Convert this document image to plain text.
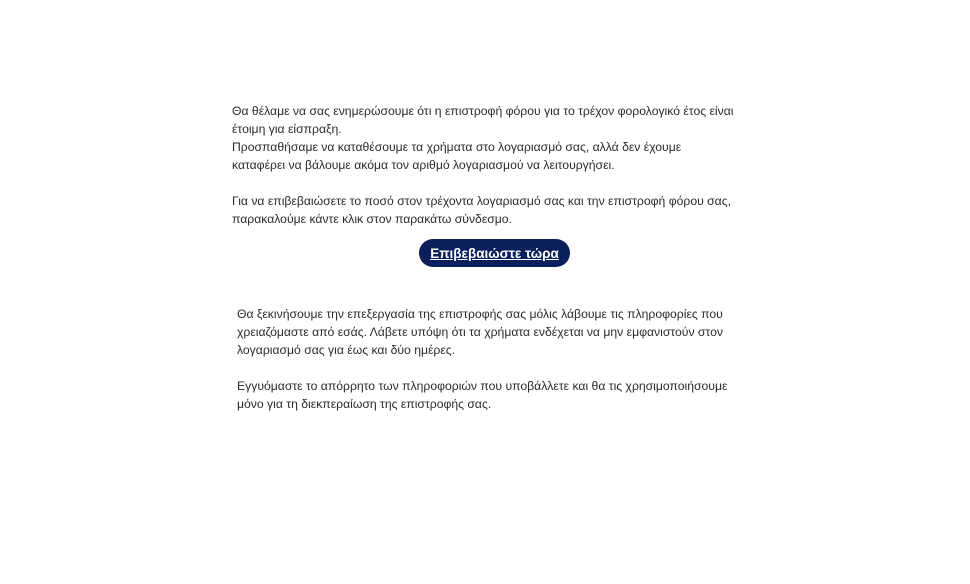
Θα θέλαμε να σας ενημερώσουμε ότι η επιστροφή φόρου για το τρέχον φορολογικό έτος είναι

έτοιμη για είσπραξη.

Προσπαθήσαμε να καταθέσουμε τα χρήματα στο λογαριασμό σας, αλλά δεν έχουμε

καταφέρει να βάλουμε ακόμα τον αριθμό λογαριασμού να λειτουργήσει.

Για να επιβεβαιώσετε το ποσό στον τρέχοντα λογαριασμό σας και την επιστροφή φόρου σας,

παρακαλούμε κάντε κλικ στον παρακάτω σύνδεσμο.

Επιβεβαιώστε τώρα

Θα ξεκινήσουμε την επεξεργασία της επιστροφής σας μόλις λάβουμε τις πληροφορίες που

χρειαζόμαστε από εσάς. Λάβετε υπόψη ότι τα χρήματα ενδέχεται να μην εμφανιστούν στον

λογαριασμό σας για έως και δύο ημέρες.

Εγγυόμαστε το απόρρητο των πληροφοριών που υποβάλλετε και θα τις χρησιμοποιήσουμε

μόνο για τη διεκπεραίωση της επιστροφής σας.
